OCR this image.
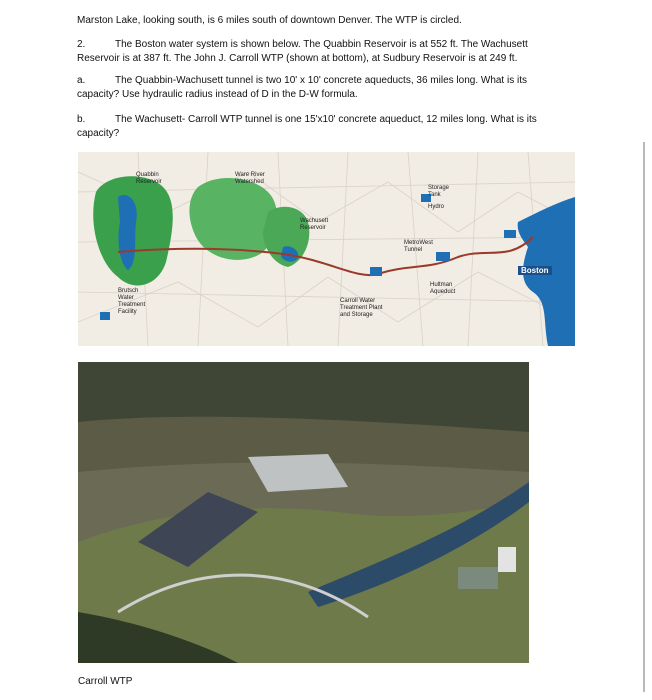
Marston Lake, looking south, is 6 miles south of downtown Denver. The WTP is circled.
2.	The Boston water system is shown below. The Quabbin Reservoir is at 552 ft. The Wachusett Reservoir is at 387 ft. The John J. Carroll WTP (shown at bottom), at Sudbury Reservoir is at 249 ft.
a.	The Quabbin-Wachusett tunnel is two 10' x 10' concrete aqueducts, 36 miles long. What is its capacity? Use hydraulic radius instead of D in the D-W formula.
b.	The Wachusett- Carroll WTP tunnel is one 15'x10' concrete aqueduct, 12 miles long. What is its capacity?
Quabbin
Reservoir
Ware River
Watershed
Wachusett
Reservoir
Storage
Tank
Hydro
MetroWest
Tunnel
Hultman
Aqueduct
Carroll Water
Treatment Plant
and Storage
Brutsch
Water
Treatment
Facility
Boston
Carroll WTP
